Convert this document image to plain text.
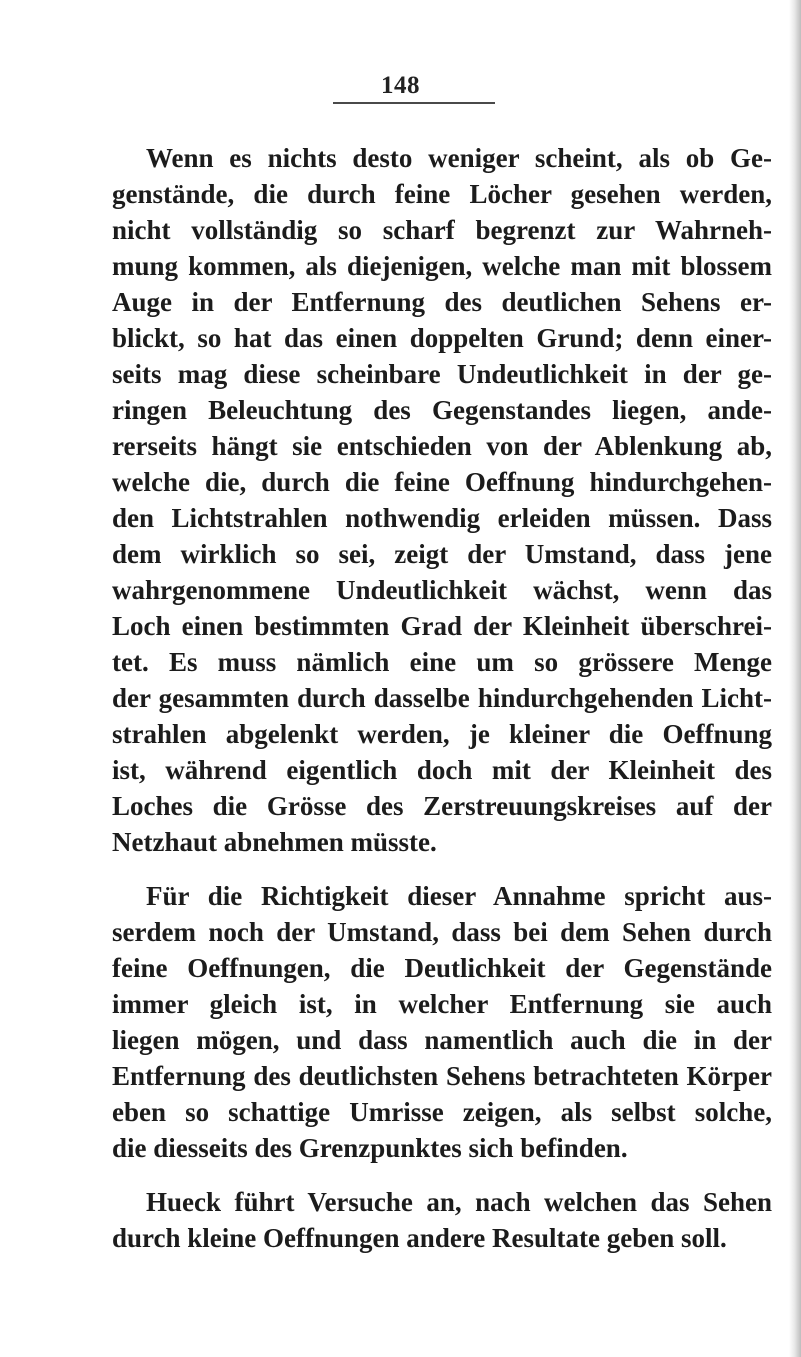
148
Wenn es nichts desto weniger scheint, als ob Ge-
genstände, die durch feine Löcher gesehen werden,
nicht vollständig so scharf begrenzt zur Wahrneh-
mung kommen, als diejenigen, welche man mit blossem
Auge in der Entfernung des deutlichen Sehens er-
blickt, so hat das einen doppelten Grund; denn einer-
seits mag diese scheinbare Undeutlichkeit in der ge-
ringen Beleuchtung des Gegenstandes liegen, ande-
rerseits hängt sie entschieden von der Ablenkung ab,
welche die, durch die feine Oeffnung hindurchgehen-
den Lichtstrahlen nothwendig erleiden müssen. Dass
dem wirklich so sei, zeigt der Umstand, dass jene
wahrgenommene Undeutlichkeit wächst, wenn das
Loch einen bestimmten Grad der Kleinheit überschrei-
tet. Es muss nämlich eine um so grössere Menge
der gesammten durch dasselbe hindurchgehenden Licht-
strahlen abgelenkt werden, je kleiner die Oeffnung
ist, während eigentlich doch mit der Kleinheit des
Loches die Grösse des Zerstreuungskreises auf der
Netzhaut abnehmen müsste.
Für die Richtigkeit dieser Annahme spricht aus-
serdem noch der Umstand, dass bei dem Sehen durch
feine Oeffnungen, die Deutlichkeit der Gegenstände
immer gleich ist, in welcher Entfernung sie auch
liegen mögen, und dass namentlich auch die in der
Entfernung des deutlichsten Sehens betrachteten Körper
eben so schattige Umrisse zeigen, als selbst solche,
die diesseits des Grenzpunktes sich befinden.
Hueck führt Versuche an, nach welchen das Sehen
durch kleine Oeffnungen andere Resultate geben soll.
